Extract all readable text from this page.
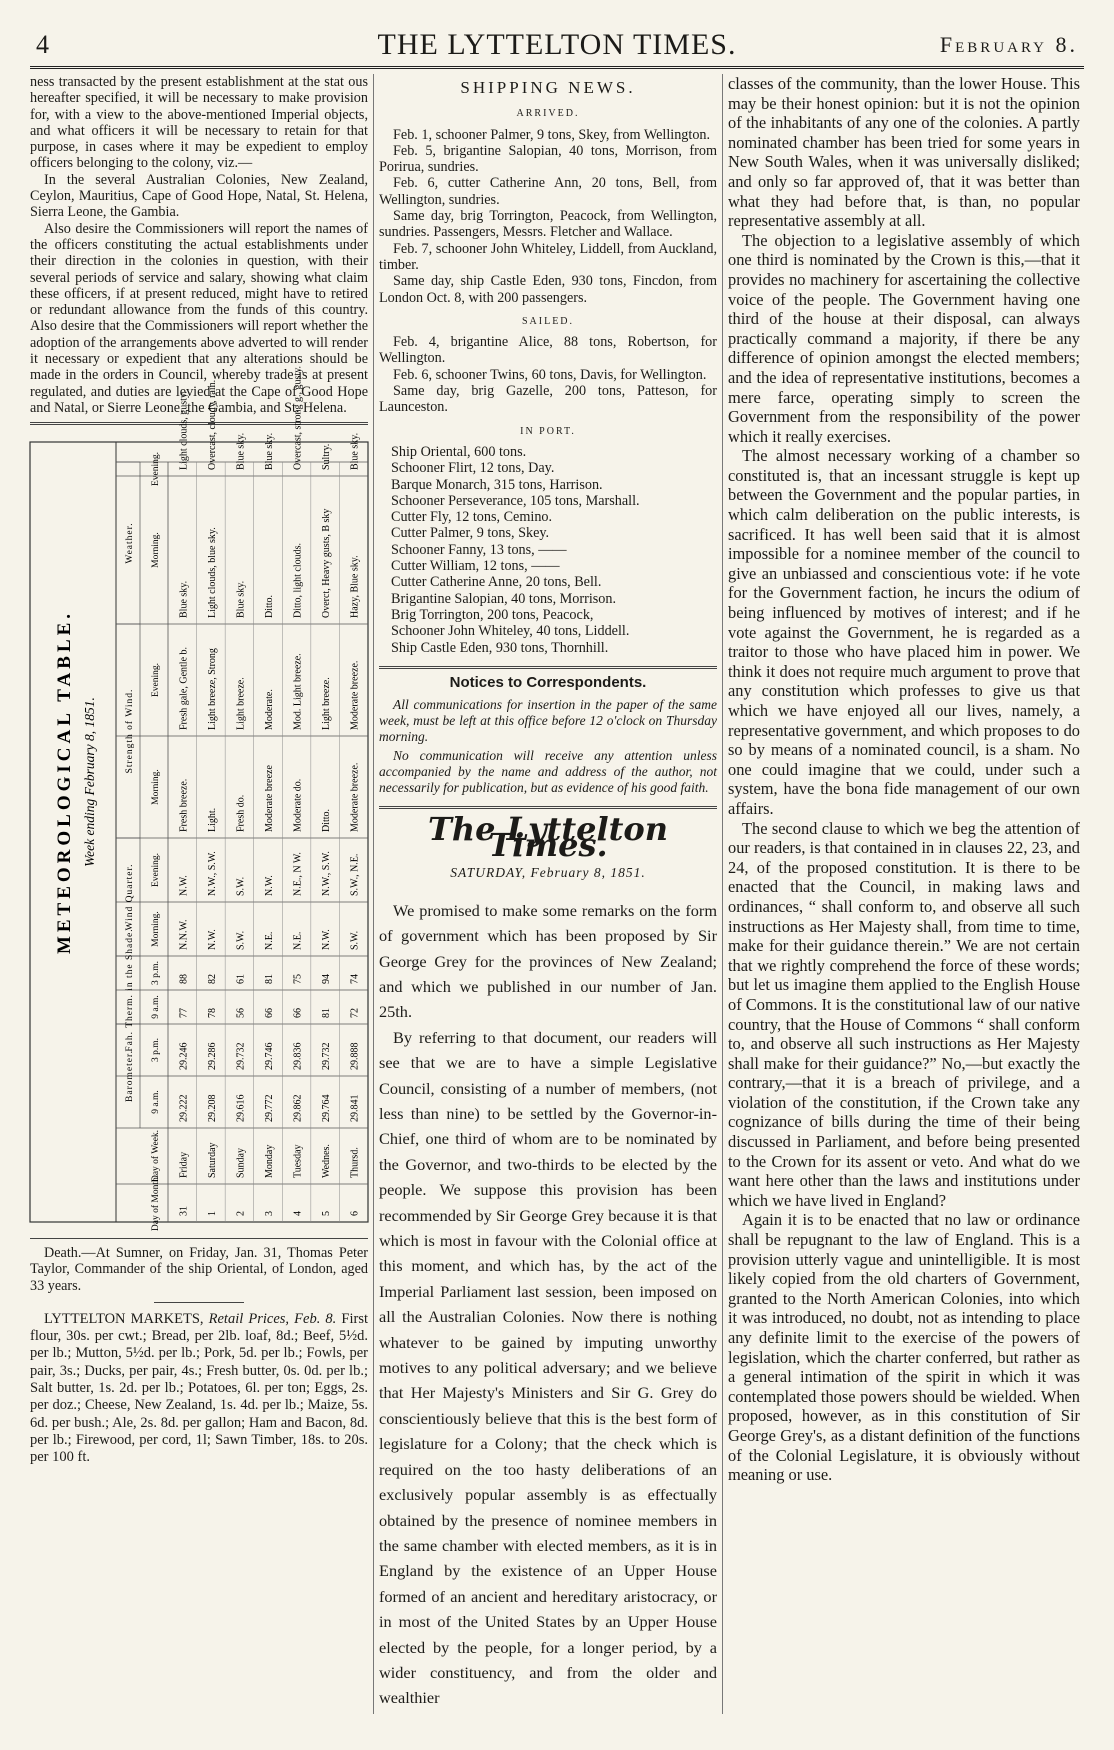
4	THE LYTTELTON TIMES.	February 8.

ness transacted by the present establishment at the stat ous hereafter specified, it will be necessary to make provision for, with a view to the above-mentioned Imperial objects, and what officers it will be necessary to retain for that purpose, in cases where it may be expedient to employ officers belonging to the colony, viz.—

In the several Australian Colonies, New Zealand, Ceylon, Mauritius, Cape of Good Hope, Natal, St. Helena, Sierra Leone, the Gambia.

Also desire the Commissioners will report the names of the officers constituting the actual establishments under their direction in the colonies in question, with their several periods of service and salary, showing what claim these officers, if at present reduced, might have to retired or redundant allowance from the funds of this country. Also desire that the Commissioners will report whether the adoption of the arrangements above adverted to will render it necessary or expedient that any alterations should be made in the orders in Council, whereby trade is at present regulated, and duties are levied at the Cape of Good Hope and Natal, or Sierre Leone, the Gambia, and St. Helena.

METEOROLOGICAL TABLE. Week ending February 8, 1851.
Day of Month.
Day of Week.
9 a.m.
3 p.m.
9 a.m.
3 p.m.
Morning.
Evening.
Morning.
Evening.
Morning.
Evening.
Barometer.
Fah. Therm. in the Shade.
Wind Quarter.
Strength of Wind.
Weather.
31
Friday
29.222
29.246
77
88
N.N.W.
N.W.
Fresh breeze.
Fresh gale, Gentle b.
Blue sky.
Light clouds, gusty.
1
Saturday
29.208
29.286
78
82
N.W.
N.W., S.W.
Light.
Light breeze, Strong
Light clouds, blue sky.
Overcast, cloudy, rain.
2
Sunday
29.616
29.732
56
61
S.W.
S.W.
Fresh do.
Light breeze.
Blue sky.
Blue sky.
3
Monday
29.772
29.746
66
81
N.E.
N.W.
Moderate breeze
Moderate.
Ditto.
Blue sky.
4
Tuesday
29.862
29.836
66
75
N.E.
N.E., N W.
Moderate do.
Mod. Light breeze.
Ditto, light clouds.
Overcast, strong g., gusty.
5
Wednes.
29.764
29.732
81
94
N.W.
N.W., S.W.
Ditto.
Light breeze.
Overct, Heavy gusts, B sky
Sultry.
6
Thursd.
29.841
29.888
72
74
S.W.
S.W., N.E.
Moderate breeze.
Moderate breeze.
Hazy, Blue sky.
Blue sky.

Death.—At Sumner, on Friday, Jan. 31, Thomas Peter Taylor, Commander of the ship Oriental, of London, aged 33 years.

LYTTELTON MARKETS, Retail Prices, Feb. 8. First flour, 30s. per cwt.; Bread, per 2lb. loaf, 8d.; Beef, 5½d. per lb.; Mutton, 5½d. per lb.; Pork, 5d. per lb.; Fowls, per pair, 3s.; Ducks, per pair, 4s.; Fresh butter, 0s. 0d. per lb.; Salt butter, 1s. 2d. per lb.; Potatoes, 6l. per ton; Eggs, 2s. per doz.; Cheese, New Zealand, 1s. 4d. per lb.; Maize, 5s. 6d. per bush.; Ale, 2s. 8d. per gallon; Ham and Bacon, 8d. per lb.; Firewood, per cord, 1l; Sawn Timber, 18s. to 20s. per 100 ft.

SHIPPING NEWS.
ARRIVED.

Feb. 1, schooner Palmer, 9 tons, Skey, from Wellington.

Feb. 5, brigantine Salopian, 40 tons, Morrison, from Porirua, sundries.

Feb. 6, cutter Catherine Ann, 20 tons, Bell, from Wellington, sundries.

Same day, brig Torrington, Peacock, from Wellington, sundries. Passengers, Messrs. Fletcher and Wallace.

Feb. 7, schooner John Whiteley, Liddell, from Auckland, timber.

Same day, ship Castle Eden, 930 tons, Fincdon, from London Oct. 8, with 200 passengers.

SAILED.

Feb. 4, brigantine Alice, 88 tons, Robertson, for Wellington.

Feb. 6, schooner Twins, 60 tons, Davis, for Wellington.

Same day, brig Gazelle, 200 tons, Patteson, for Launceston.

IN PORT.
Ship Oriental, 600 tons.
Schooner Flirt, 12 tons, Day.
Barque Monarch, 315 tons, Harrison.
Schooner Perseverance, 105 tons, Marshall.
Cutter Fly, 12 tons, Cemino.
Cutter Palmer, 9 tons, Skey.
Schooner Fanny, 13 tons, ——
Cutter William, 12 tons, ——
Cutter Catherine Anne, 20 tons, Bell.
Brigantine Salopian, 40 tons, Morrison.
Brig Torrington, 200 tons, Peacock,
Schooner John Whiteley, 40 tons, Liddell.
Ship Castle Eden, 930 tons, Thornhill.
Notices to Correspondents.

All communications for insertion in the paper of the same week, must be left at this office before 12 o'clock on Thursday morning.

No communication will receive any attention unless accompanied by the name and address of the author, not necessarily for publication, but as evidence of his good faith.

The Lyttelton Times.
SATURDAY, February 8, 1851.

We promised to make some remarks on the form of government which has been proposed by Sir George Grey for the provinces of New Zealand; and which we published in our number of Jan. 25th.

By referring to that document, our readers will see that we are to have a simple Legislative Council, consisting of a number of members, (not less than nine) to be settled by the Governor-in-Chief, one third of whom are to be nominated by the Governor, and two-thirds to be elected by the people. We suppose this provision has been recommended by Sir George Grey because it is that which is most in favour with the Colonial office at this moment, and which has, by the act of the Imperial Parliament last session, been imposed on all the Australian Colonies. Now there is nothing whatever to be gained by imputing unworthy motives to any political adversary; and we believe that Her Majesty's Ministers and Sir G. Grey do conscientiously believe that this is the best form of legislature for a Colony; that the check which is required on the too hasty deliberations of an exclusively popular assembly is as effectually obtained by the presence of nominee members in the same chamber with elected members, as it is in England by the existence of an Upper House formed of an ancient and hereditary aristocracy, or in most of the United States by an Upper House elected by the people, for a longer period, by a wider constituency, and from the older and wealthier

classes of the community, than the lower House. This may be their honest opinion: but it is not the opinion of the inhabitants of any one of the colonies. A partly nominated chamber has been tried for some years in New South Wales, when it was universally disliked; and only so far approved of, that it was better than what they had before that, is than, no popular representative assembly at all.

The objection to a legislative assembly of which one third is nominated by the Crown is this,—that it provides no machinery for ascertaining the collective voice of the people. The Government having one third of the house at their disposal, can always practically command a majority, if there be any difference of opinion amongst the elected members; and the idea of representative institutions, becomes a mere farce, operating simply to screen the Government from the responsibility of the power which it really exercises.

The almost necessary working of a chamber so constituted is, that an incessant struggle is kept up between the Government and the popular parties, in which calm deliberation on the public interests, is sacrificed. It has well been said that it is almost impossible for a nominee member of the council to give an unbiassed and conscientious vote: if he vote for the Government faction, he incurs the odium of being influenced by motives of interest; and if he vote against the Government, he is regarded as a traitor to those who have placed him in power. We think it does not require much argument to prove that any constitution which professes to give us that which we have enjoyed all our lives, namely, a representative government, and which proposes to do so by means of a nominated council, is a sham. No one could imagine that we could, under such a system, have the bona fide management of our own affairs.

The second clause to which we beg the attention of our readers, is that contained in in clauses 22, 23, and 24, of the proposed constitution. It is there to be enacted that the Council, in making laws and ordinances, “ shall conform to, and observe all such instructions as Her Majesty shall, from time to time, make for their guidance therein.” We are not certain that we rightly comprehend the force of these words; but let us imagine them applied to the English House of Commons. It is the constitutional law of our native country, that the House of Commons “ shall conform to, and observe all such instructions as Her Majesty shall make for their guidance?” No,—but exactly the contrary,—that it is a breach of privilege, and a violation of the constitution, if the Crown take any cognizance of bills during the time of their being discussed in Parliament, and before being presented to the Crown for its assent or veto. And what do we want here other than the laws and institutions under which we have lived in England?

Again it is to be enacted that no law or ordinance shall be repugnant to the law of England. This is a provision utterly vague and unintelligible. It is most likely copied from the old charters of Government, granted to the North American Colonies, into which it was introduced, no doubt, not as intending to place any definite limit to the exercise of the powers of legislation, which the charter conferred, but rather as a general intimation of the spirit in which it was contemplated those powers should be wielded. When proposed, however, as in this constitution of Sir George Grey's, as a distant definition of the functions of the Colonial Legislature, it is obviously without meaning or use.
